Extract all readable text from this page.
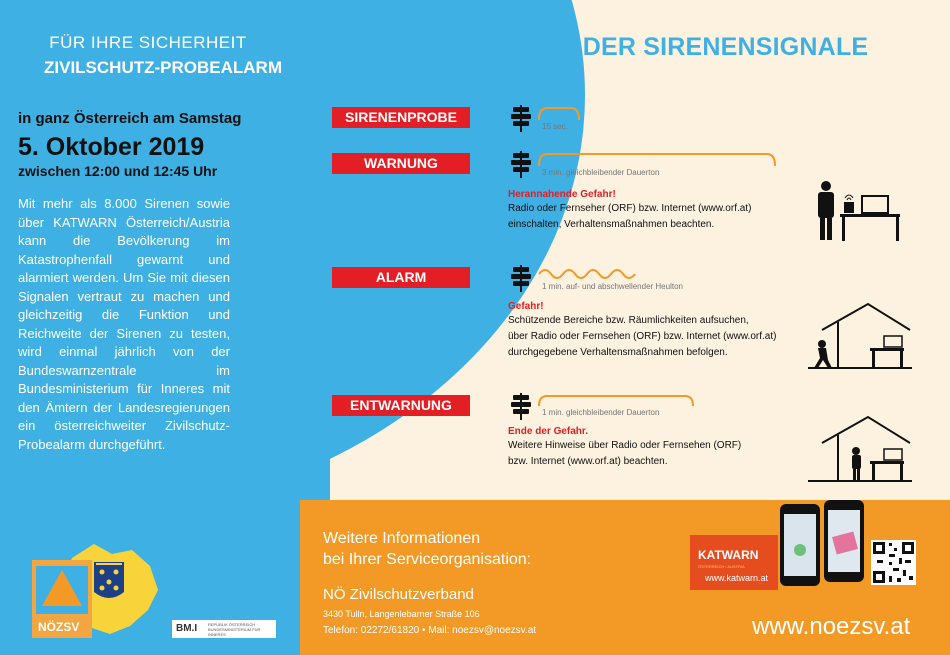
FÜR IHRE SICHERHEIT
ZIVILSCHUTZ-PROBEALARM
in ganz Österreich am Samstag
5. Oktober 2019
zwischen 12:00 und 12:45 Uhr
Mit mehr als 8.000 Sirenen sowie über KATWARN Österreich/Austria kann die Bevölkerung im Katastrophenfall gewarnt und alarmiert werden. Um Sie mit diesen Signalen vertraut zu machen und gleichzeitig die Funktion und Reichweite der Sirenen zu testen, wird einmal jährlich von der Bundeswarnzentrale im Bundesministerium für Inneres mit den Ämtern der Landesregierungen ein österreichweiter Zivilschutz-Probealarm durchgeführt.
NÖZSV	BM.I	REPUBLIK ÖSTERREICH BUNDESMINISTERIUM FÜR INNERES
DIE BEDEUTUNG DER SIRENENSIGNALE
SIRENENPROBE
15 sec.
WARNUNG
3 min. gleichbleibender Dauerton
Herannahende Gefahr!
Radio oder Fernseher (ORF) bzw. Internet (www.orf.at)
einschalten, Verhaltensmaßnahmen beachten.
ALARM
1 min. auf- und abschwellender Heulton
Gefahr!
Schützende Bereiche bzw. Räumlichkeiten aufsuchen,
über Radio oder Fernsehen (ORF) bzw. Internet (www.orf.at)
durchgegebene Verhaltensmaßnahmen befolgen.
ENTWARNUNG	1 min. gleichbleibender Dauerton
Ende der Gefahr.
Weitere Hinweise über Radio oder Fernsehen (ORF)
bzw. Internet (www.orf.at) beachten.
Weitere Informationen
bei Ihrer Serviceorganisation:
NÖ Zivilschutzverband
3430 Tulln, Langenlebarner Straße 106
Telefon: 02272/61820 • Mail: noezsv@noezsv.at	www.noezsv.at
KATWARN
ÖSTERREICH / AUSTRIA
www.katwarn.at
